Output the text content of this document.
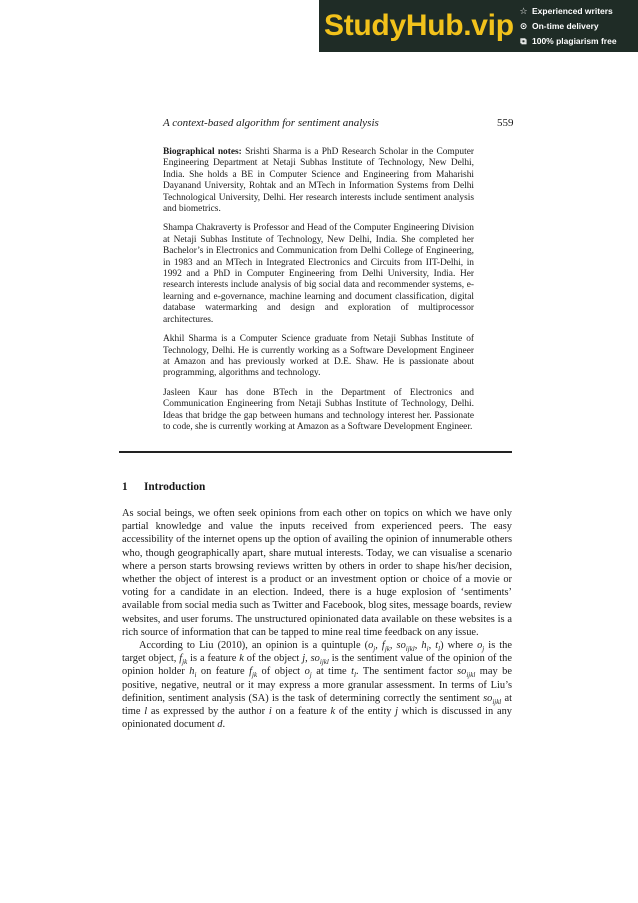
StudyHub.vip ☆ Experienced writers
⊙ On-time delivery
⧉ 100% plagiarism free
A context-based algorithm for sentiment analysis	559

Biographical notes: Srishti Sharma is a PhD Research Scholar in the Computer Engineering Department at Netaji Subhas Institute of Technology, New Delhi, India. She holds a BE in Computer Science and Engineering from Maharishi Dayanand University, Rohtak and an MTech in Information Systems from Delhi Technological University, Delhi. Her research interests include sentiment analysis and biometrics.

Shampa Chakraverty is Professor and Head of the Computer Engineering Division at Netaji Subhas Institute of Technology, New Delhi, India. She completed her Bachelor’s in Electronics and Communication from Delhi College of Engineering, in 1983 and an MTech in Integrated Electronics and Circuits from IIT-Delhi, in 1992 and a PhD in Computer Engineering from Delhi University, India. Her research interests include analysis of big social data and recommender systems, e-learning and e-governance, machine learning and document classification, digital database watermarking and design and exploration of multiprocessor architectures.

Akhil Sharma is a Computer Science graduate from Netaji Subhas Institute of Technology, Delhi. He is currently working as a Software Development Engineer at Amazon and has previously worked at D.E. Shaw. He is passionate about programming, algorithms and technology.

Jasleen Kaur has done BTech in the Department of Electronics and Communication Engineering from Netaji Subhas Institute of Technology, Delhi. Ideas that bridge the gap between humans and technology interest her. Passionate to code, she is currently working at Amazon as a Software Development Engineer.

1 Introduction

As social beings, we often seek opinions from each other on topics on which we have only partial knowledge and value the inputs received from experienced peers. The easy accessibility of the internet opens up the option of availing the opinion of innumerable others who, though geographically apart, share mutual interests. Today, we can visualise a scenario where a person starts browsing reviews written by others in order to shape his/her decision, whether the object of interest is a product or an investment option or choice of a movie or voting for a candidate in an election. Indeed, there is a huge explosion of ‘sentiments’ available from social media such as Twitter and Facebook, blog sites, message boards, review websites, and user forums. The unstructured opinionated data available on these websites is a rich source of information that can be tapped to mine real time feedback on any issue.

According to Liu (2010), an opinion is a quintuple ($o_j$, $f_{jk}$, $so_{ijkl}$, $h_i$, $t_l$) where $o_j$ is the target object, $f_{jk}$ is a feature k of the object j, $so_{ijkl}$ is the sentiment value of the opinion of the opinion holder $h_i$ on feature $f_{jk}$ of object $o_j$ at time $t_l$. The sentiment factor $so_{ijkl}$ may be positive, negative, neutral or it may express a more granular assessment. In terms of Liu’s definition, sentiment analysis (SA) is the task of determining correctly the sentiment $so_{ijkl}$ at time l as expressed by the author i on a feature k of the entity j which is discussed in any opinionated document d.
